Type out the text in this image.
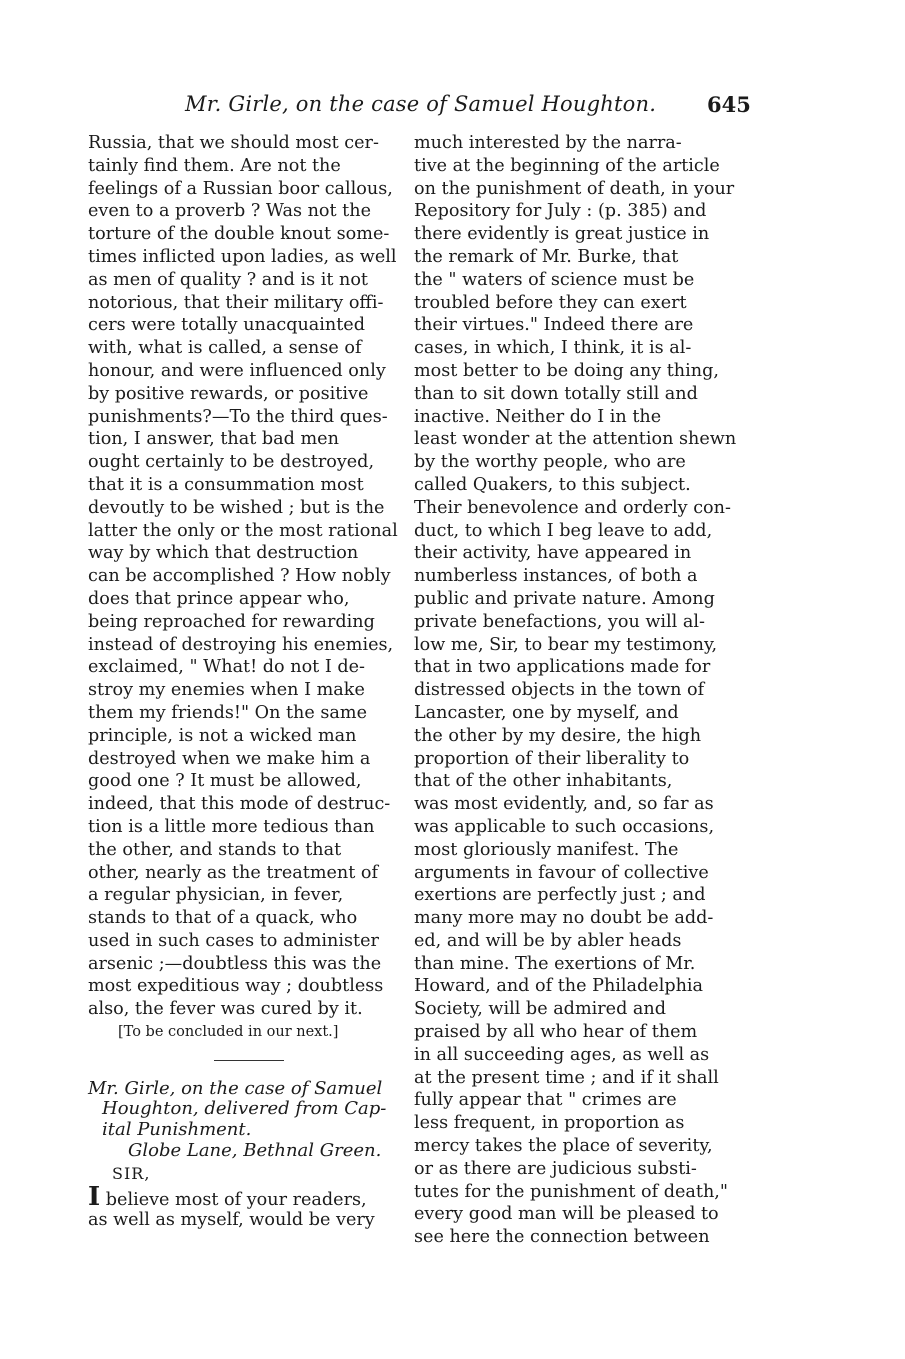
Mr. Girle, on the case of Samuel Houghton. 645
Russia, that we should most cer-
tainly find them. Are not the
feelings of a Russian boor callous,
even to a proverb ? Was not the
torture of the double knout some-
times inflicted upon ladies, as well
as men of quality ? and is it not
notorious, that their military offi-
cers were totally unacquainted
with, what is called, a sense of
honour, and were influenced only
by positive rewards, or positive
punishments?—To the third ques-
tion, I answer, that bad men
ought certainly to be destroyed,
that it is a consummation most
devoutly to be wished ; but is the
latter the only or the most rational
way by which that destruction
can be accomplished ? How nobly
does that prince appear who,
being reproached for rewarding
instead of destroying his enemies,
exclaimed, " What! do not I de-
stroy my enemies when I make
them my friends!" On the same
principle, is not a wicked man
destroyed when we make him a
good one ? It must be allowed,
indeed, that this mode of destruc-
tion is a little more tedious than
the other, and stands to that
other, nearly as the treatment of
a regular physician, in fever,
stands to that of a quack, who
used in such cases to administer
arsenic ;—doubtless this was the
most expeditious way ; doubtless
also, the fever was cured by it.
[To be concluded in our next.]
Mr. Girle, on the case of Samuel
Houghton, delivered from Cap-
ital Punishment.
Globe Lane, Bethnal Green.
SIR,
I believe most of your readers,
as well as myself, would be very
much interested by the narra-
tive at the beginning of the article
on the punishment of death, in your
Repository for July : (p. 385) and
there evidently is great justice in
the remark of Mr. Burke, that
the " waters of science must be
troubled before they can exert
their virtues." Indeed there are
cases, in which, I think, it is al-
most better to be doing any thing,
than to sit down totally still and
inactive. Neither do I in the
least wonder at the attention shewn
by the worthy people, who are
called Quakers, to this subject.
Their benevolence and orderly con-
duct, to which I beg leave to add,
their activity, have appeared in
numberless instances, of both a
public and private nature. Among
private benefactions, you will al-
low me, Sir, to bear my testimony,
that in two applications made for
distressed objects in the town of
Lancaster, one by myself, and
the other by my desire, the high
proportion of their liberality to
that of the other inhabitants,
was most evidently, and, so far as
was applicable to such occasions,
most gloriously manifest. The
arguments in favour of collective
exertions are perfectly just ; and
many more may no doubt be add-
ed, and will be by abler heads
than mine. The exertions of Mr.
Howard, and of the Philadelphia
Society, will be admired and
praised by all who hear of them
in all succeeding ages, as well as
at the present time ; and if it shall
fully appear that " crimes are
less frequent, in proportion as
mercy takes the place of severity,
or as there are judicious substi-
tutes for the punishment of death,"
every good man will be pleased to
see here the connection between
